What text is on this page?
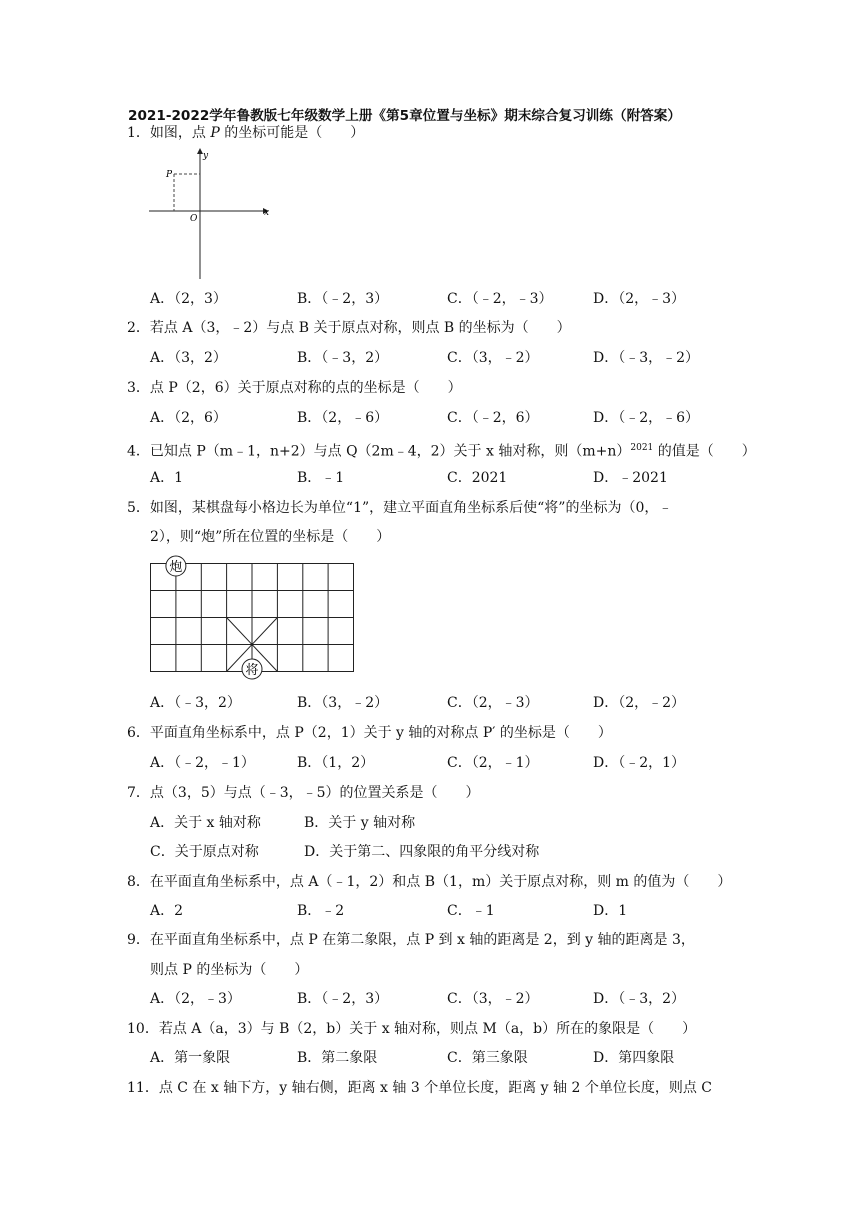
2021-2022学年鲁教版七年级数学上册《第5章位置与坐标》期末综合复习训练（附答案）
1．如图，点 P 的坐标可能是（　　）
x
y
O
P
A．（2，3）	B．（﹣2，3）	C．（﹣2，﹣3）	D．（2，﹣3）
2．若点 A（3，﹣2）与点 B 关于原点对称，则点 B 的坐标为（　　）
A．（3，2）	B．（﹣3，2）	C．（3，﹣2）	D．（﹣3，﹣2）
3．点 P（2，6）关于原点对称的点的坐标是（　　）
A．（2，6）	B．（2，﹣6）	C．（﹣2，6）	D．（﹣2，﹣6）
4．已知点 P（m﹣1，n+2）与点 Q（2m﹣4，2）关于 x 轴对称，则$(m+n)^{2021}$ 的值是（　　）
A．1	B．﹣1	C．2021	D．﹣2021
5．如图，某棋盘每小格边长为单位“1”，建立平面直角坐标系后使“将”的坐标为（0，﹣
2），则“炮”所在位置的坐标是（　　）
炮
将
A．（﹣3，2）	B．（3，﹣2）	C．（2，﹣3）	D．（2，﹣2）
6．平面直角坐标系中，点 P（2，1）关于 y 轴的对称点 P′ 的坐标是（　　）
A．（﹣2，﹣1）	B．（1，2）	C．（2，﹣1）	D．（﹣2，1）
7．点（3，5）与点（﹣3，﹣5）的位置关系是（　　）
A．关于 x 轴对称	B．关于 y 轴对称
C．关于原点对称	D．关于第二、四象限的角平分线对称
8．在平面直角坐标系中，点 A（﹣1，2）和点 B（1，m）关于原点对称，则 m 的值为（　　）
A．2	B．﹣2	C．﹣1	D．1
9．在平面直角坐标系中，点 P 在第二象限，点 P 到 x 轴的距离是 2，到 y 轴的距离是 3，
则点 P 的坐标为（　　）
A．（2，﹣3）	B．（﹣2，3）	C．（3，﹣2）	D．（﹣3，2）
10．若点 A（a，3）与 B（2，b）关于 x 轴对称，则点 M（a，b）所在的象限是（　　）
A．第一象限	B．第二象限	C．第三象限	D．第四象限
11．点 C 在 x 轴下方，y 轴右侧，距离 x 轴 3 个单位长度，距离 y 轴 2 个单位长度，则点 C
